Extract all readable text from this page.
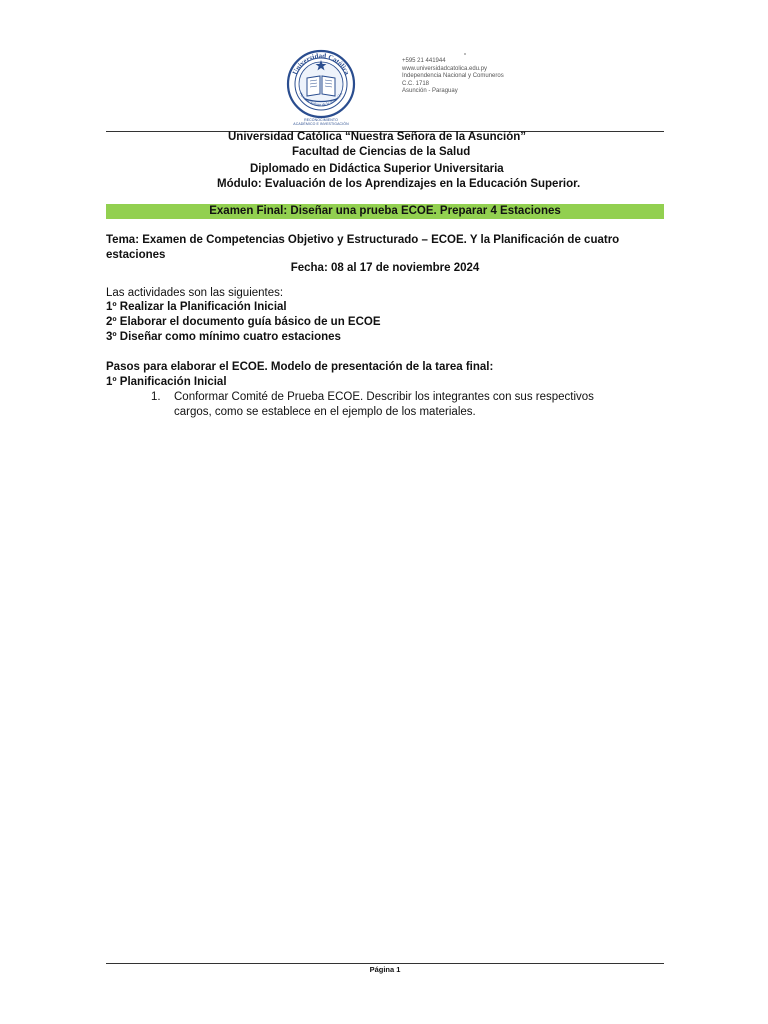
Universidad Católica
Nuestra Señora de la Asunción
RECONOCIMIENTO
ACADÉMICO E INVESTIGACIÓN
+595 21 441944
www.universidadcatolica.edu.py
Independencia Nacional y Comuneros
C.C. 1718
Asunción - Paraguay
Universidad Católica “Nuestra Señora de la Asunción”
Facultad de Ciencias de la Salud
Diplomado en Didáctica Superior Universitaria
Módulo: Evaluación de los Aprendizajes en la Educación Superior.
Examen Final: Diseñar una prueba ECOE. Preparar 4 Estaciones
Tema: Examen de Competencias Objetivo y Estructurado – ECOE. Y la Planificación de cuatro estaciones
Fecha: 08 al 17 de noviembre 2024
Las actividades son las siguientes:
1º Realizar la Planificación Inicial
2º Elaborar el documento guía básico de un ECOE
3º Diseñar como mínimo cuatro estaciones
Pasos para elaborar el ECOE. Modelo de presentación de la tarea final:
1º Planificación Inicial
1.	Conformar Comité de Prueba ECOE. Describir los integrantes con sus respectivos
cargos, como se establece en el ejemplo de los materiales.
Página 1
